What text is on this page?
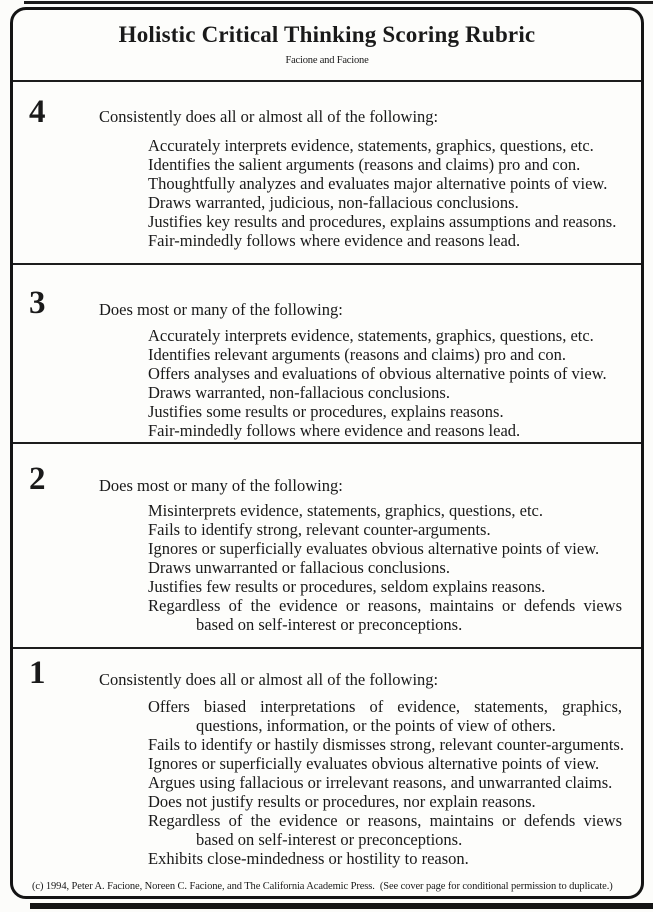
Holistic Critical Thinking Scoring Rubric
Facione and Facione
4	Consistently does all or almost all of the following:
Accurately interprets evidence, statements, graphics, questions, etc.
Identifies the salient arguments (reasons and claims) pro and con.
Thoughtfully analyzes and evaluates major alternative points of view.
Draws warranted, judicious, non-fallacious conclusions.
Justifies key results and procedures, explains assumptions and reasons.
Fair-mindedly follows where evidence and reasons lead.
3	Does most or many of the following:
Accurately interprets evidence, statements, graphics, questions, etc.
Identifies relevant arguments (reasons and claims) pro and con.
Offers analyses and evaluations of obvious alternative points of view.
Draws warranted, non-fallacious conclusions.
Justifies some results or procedures, explains reasons.
Fair-mindedly follows where evidence and reasons lead.
2	Does most or many of the following:
Misinterprets evidence, statements, graphics, questions, etc.
Fails to identify strong, relevant counter-arguments.
Ignores or superficially evaluates obvious alternative points of view.
Draws unwarranted or fallacious conclusions.
Justifies few results or procedures, seldom explains reasons.
Regardless of the evidence or reasons, maintains or defends views based on self-interest or preconceptions.
1	Consistently does all or almost all of the following:
Offers biased interpretations of evidence, statements, graphics, questions, information, or the points of view of others.
Fails to identify or hastily dismisses strong, relevant counter-arguments.
Ignores or superficially evaluates obvious alternative points of view.
Argues using fallacious or irrelevant reasons, and unwarranted claims.
Does not justify results or procedures, nor explain reasons.
Regardless of the evidence or reasons, maintains or defends views based on self-interest or preconceptions.
Exhibits close-mindedness or hostility to reason.
(c) 1994, Peter A. Facione, Noreen C. Facione, and The California Academic Press.  (See cover page for conditional permission to duplicate.)
